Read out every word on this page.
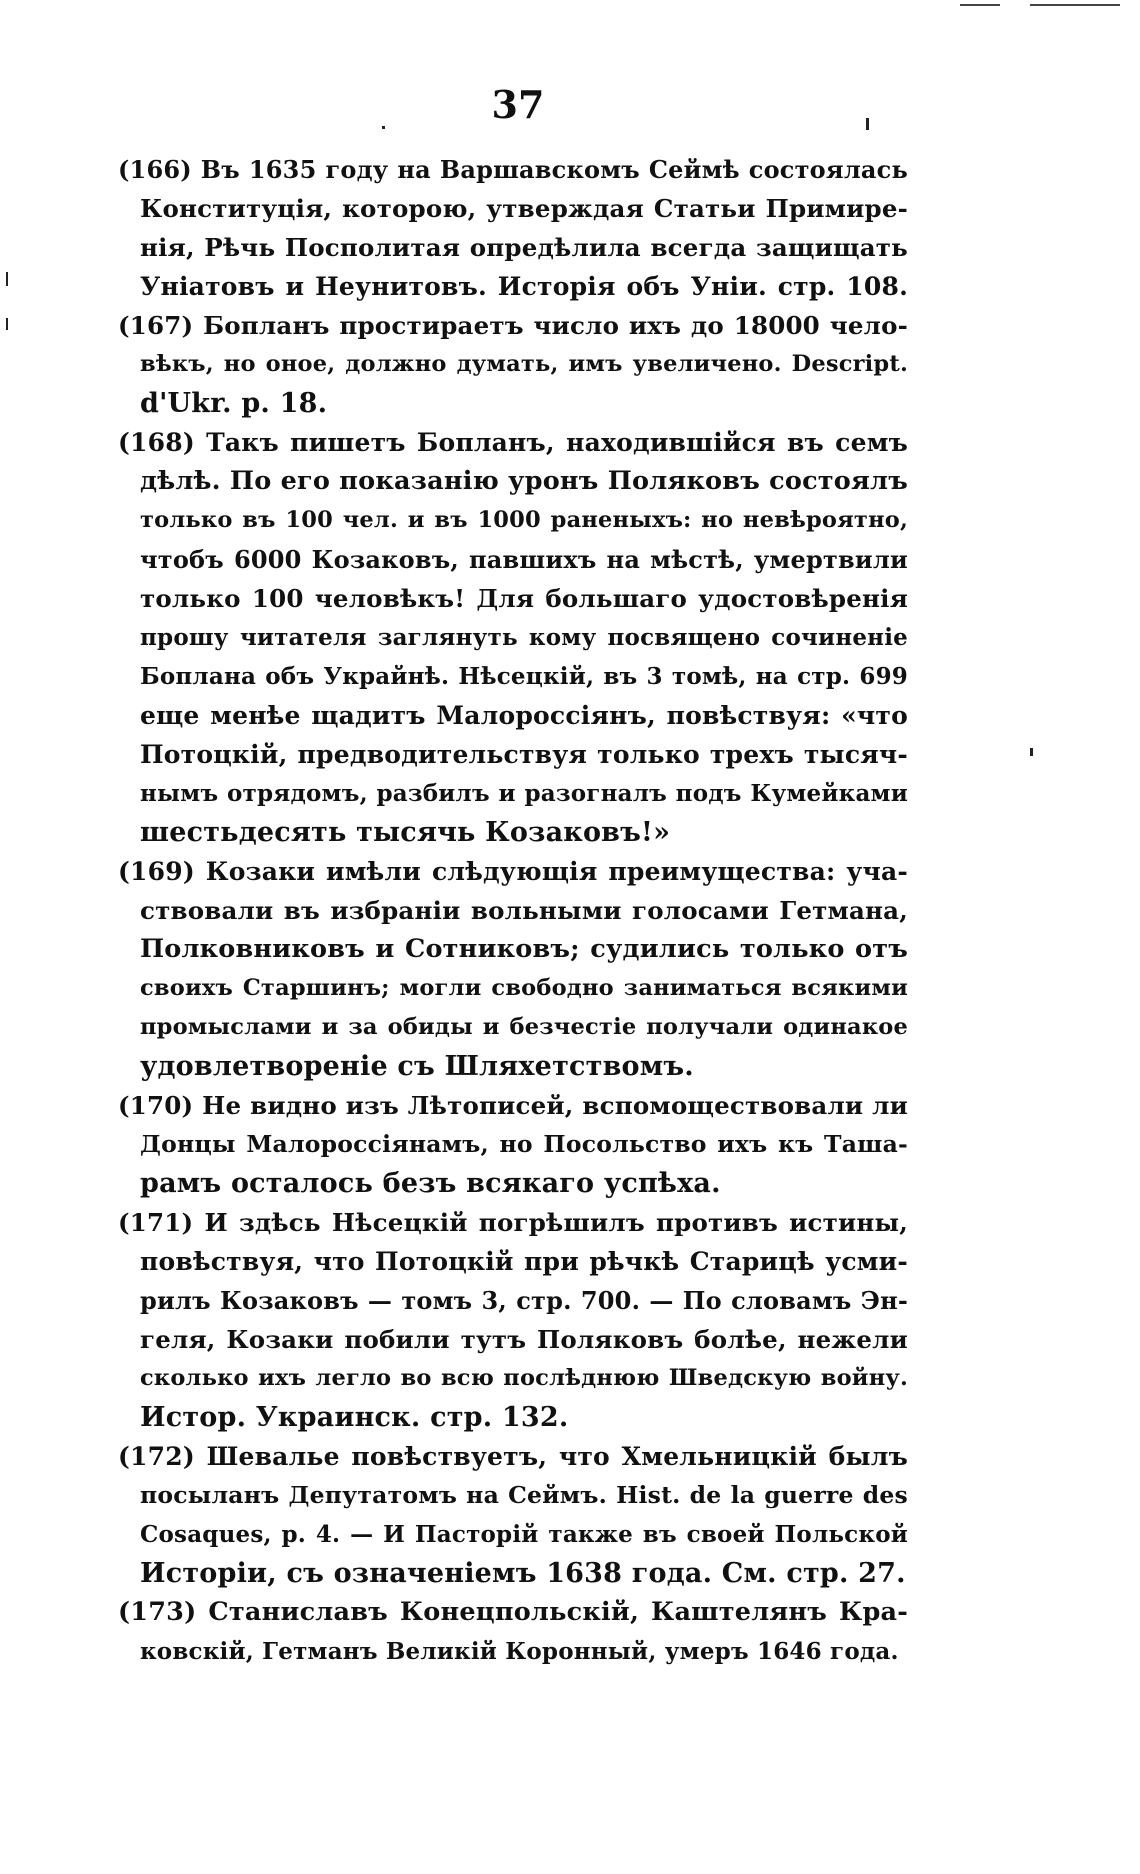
37
(166) Въ 1635 году на Варшавскомъ Сеймѣ состоялась
Конституція, которою, утверждая Статьи Примире-
нія, Рѣчь Посполитая опредѣлила всегда защищать
Уніатовъ и Неунитовъ. Исторія объ Уніи. стр. 108.
(167) Бопланъ простираетъ число ихъ до 18000 чело-
вѣкъ, но оное, должно думать, имъ увеличено. Descript.
d'Ukr. p. 18.
(168) Такъ пишетъ Бопланъ, находившійся въ семъ
дѣлѣ. По его показанію уронъ Поляковъ состоялъ
только въ 100 чел. и въ 1000 раненыхъ: но невѣроятно,
чтобъ 6000 Козаковъ, павшихъ на мѣстѣ, умертвили
только 100 человѣкъ! Для большаго удостовѣренія
прошу читателя заглянуть кому посвящено сочиненіе
Боплана объ Украйнѣ. Нѣсецкій, въ 3 томѣ, на стр. 699
еще менѣе щадитъ Малороссіянъ, повѣствуя: «что
Потоцкій, предводительствуя только трехъ тысяч-
нымъ отрядомъ, разбилъ и разогналъ подъ Кумейками
шестьдесять тысячь Козаковъ!»
(169) Козаки имѣли слѣдующія преимущества: уча-
ствовали въ избраніи вольными голосами Гетмана,
Полковниковъ и Сотниковъ; судились только отъ
своихъ Старшинъ; могли свободно заниматься всякими
промыслами и за обиды и безчестіе получали одинакое
удовлетвореніе съ Шляхетствомъ.
(170) Не видно изъ Лѣтописей, вспомоществовали ли
Донцы Малороссіянамъ, но Посольство ихъ къ Ташa-
рамъ осталось безъ всякаго успѣха.
(171) И здѣсь Нѣсецкій погрѣшилъ противъ истины,
повѣствуя, что Потоцкій при рѣчкѣ Старицѣ усми-
рилъ Козаковъ — томъ 3, стр. 700. — По словамъ Эн-
геля, Козаки побили тутъ Поляковъ болѣе, нежели
сколько ихъ легло во всю послѣднюю Шведскую войну.
Истор. Украинск. стр. 132.
(172) Шевалье повѣствуетъ, что Хмельницкій былъ
посыланъ Депутатомъ на Сеймъ. Hist. de la guerre des
Cosaques, p. 4. — И Пасторій также въ своей Польской
Исторіи, съ означеніемъ 1638 года. См. стр. 27.
(173) Станиславъ Конецпольскій, Каштелянъ Кра-
ковскій, Гетманъ Великій Коронный, умеръ 1646 года.
